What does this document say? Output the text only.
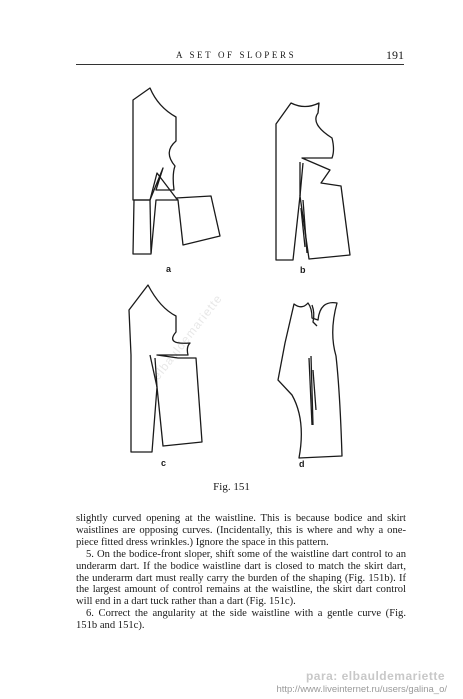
A SET OF SLOPERS	191
elbauldemariette
a	b
c	d
Fig. 151

slightly curved opening at the waistline. This is because bodice and skirt waistlines are opposing curves. (Incidentally, this is where and why a one-piece fitted dress wrinkles.) Ignore the space in this pattern.

5. On the bodice-front sloper, shift some of the waistline dart control to an underarm dart. If the bodice waistline dart is closed to match the skirt dart, the underarm dart must really carry the burden of the shaping (Fig. 151b). If the largest amount of control remains at the waistline, the skirt dart control will end in a dart tuck rather than a dart (Fig. 151c).

6. Correct the angularity at the side waistline with a gentle curve (Fig. 151b and 151c).

para: elbauldemariette
http://www.liveinternet.ru/users/galina_o/
